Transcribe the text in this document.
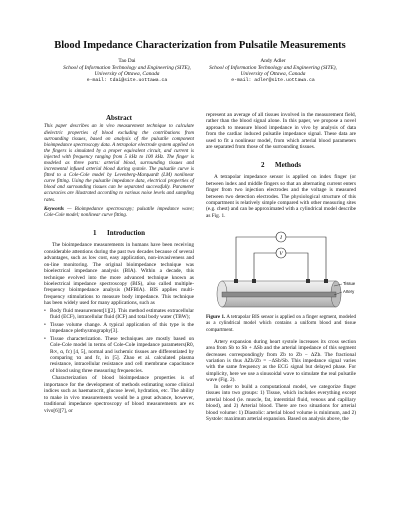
Blood Impedance Characterization from Pulsatile Measurements
Tao Dai
School of Information Technology and Engineering (SITE),
University of Ottawa, Canada
e-mail: tdai@site.uottawa.ca
Andy Adler
School of Information Technology and Engineering (SITE),
University of Ottawa, Canada
e-mail: adler@site.uottawa.ca
Abstract

This paper describes an in vivo measurement technique to calculate dielectric properties of blood excluding the contributions from surrounding tissues, based on analysis of the pulsatile component bioimpedance spectroscopy data. A tetrapolar electrode system applied on the fingers is simulated by a proper equivalent circuit, and current is injected with frequency ranging from 5 kHz to 100 kHz. The finger is modeled as three parts: arterial blood, surrounding tissues and incremental infused arterial blood during systole. The pulsatile curve is fitted to a Cole-Cole model by Levenberg-Marquardt (LM) nonlinear curve fitting. Using the pulsatile impedance data, electrical properties of blood and surrounding tissues can be separated successfully. Parameter accuracies are illustrated according to various noise levels and sampling rates.

Keywords — Bioimpedance spectroscopy; pulsatile impedance wave; Cole-Cole model; nonlinear curve fitting.

1 Introduction

The bioimpedance measurements in humans have been receiving considerable attentions during the past two decades because of several advantages, such as low cost, easy application, non-invasiveness and on-line monitoring. The original bioimpedance technique was bioelectrical impedance analysis (BIA). Within a decade, this technique evolved into the more advanced technique known as bioelectrical impedance spectroscopy (BIS), also called multiple-frequency bioimpedance analysis (MFBIA). BIS applies multi-frequency stimulations to measure body impedance. This technique has been widely used for many applications, such as

• Body fluid measurement[1][2]. This method estimates extracellular fluid (ECF), intracellular fluid (ICF) and total body water (TBW);
• Tissue volume change. A typical application of this type is the impedance plethysmography[3].
• Tissue characterization. These techniques are mostly based on Cole-Cole model in terms of Cole-Cole impedance parameters(R0, R∞, α, fc) [4, 5], normal and ischemic tissues are differentiated by comparing τα and fc, in [5]. Zhao et al. calculated plasma resistance, intracellular resistance and cell membrane capacitance of blood using three measuring frequencies.

Characterization of blood bioimpedance properties is of importance for the development of methods estimating some clinical indices such as haematocrit, glucose level, hydration, etc. The ability to make in vivo measurements would be a great advance, however, traditional impedance spectroscopy of blood measurements are ex vivo[6][7], or

represent an average of all tissues involved in the measurement field, rather than the blood signal alone. In this paper, we propose a novel approach to measure blood impedance in vivo by analysis of data from the cardiac induced pulsatile impedance signal. These data are used to fit a nonlinear model, from which arterial blood parameters are separated from those of the surrounding tissues.

2 Methods

A tetrapolar impedance sensor is applied on index finger (or between index and middle fingers so that an alternating current enters finger from two injection electrodes and the voltage is measured between two detection electrodes. The physiological structure of this compartment is relatively simple compared with other measuring sites (e.g. chest) and can be approximated with a cylindrical model describe as Fig. 1.

I
V
Tissue
Artery

Figure 1. A tetrapolar BIS sensor is applied on a finger segment, modeled as a cylindrical model which contains a uniform blood and tissue compartment.

Artery expansion during heart systole increases its cross section area from Sb to Sb + ΔSb and the arterial impedance of this segment decreases correspondingly from Zb to Zb − ΔZb. The fractional variation is thus ΔZb/Zb = −ΔSb/Sb. This impedance signal varies with the same frequency as the ECG signal but delayed phase. For simplicity, here we use a sinusoidal wave to simulate the real pulsatile wave (Fig. 2).

In order to build a computational model, we categorize finger tissues into two groups: 1) Tissue, which includes everything except arterial blood (ie. muscle, fat, interstitial fluid, venous and capillary blood), and 2) Arterial blood. There are two situations for arterial blood volume: 1) Diastolic: arterial blood volume is minimum, and 2) Systole: maximum arterial expansion. Based on analysis above, the
